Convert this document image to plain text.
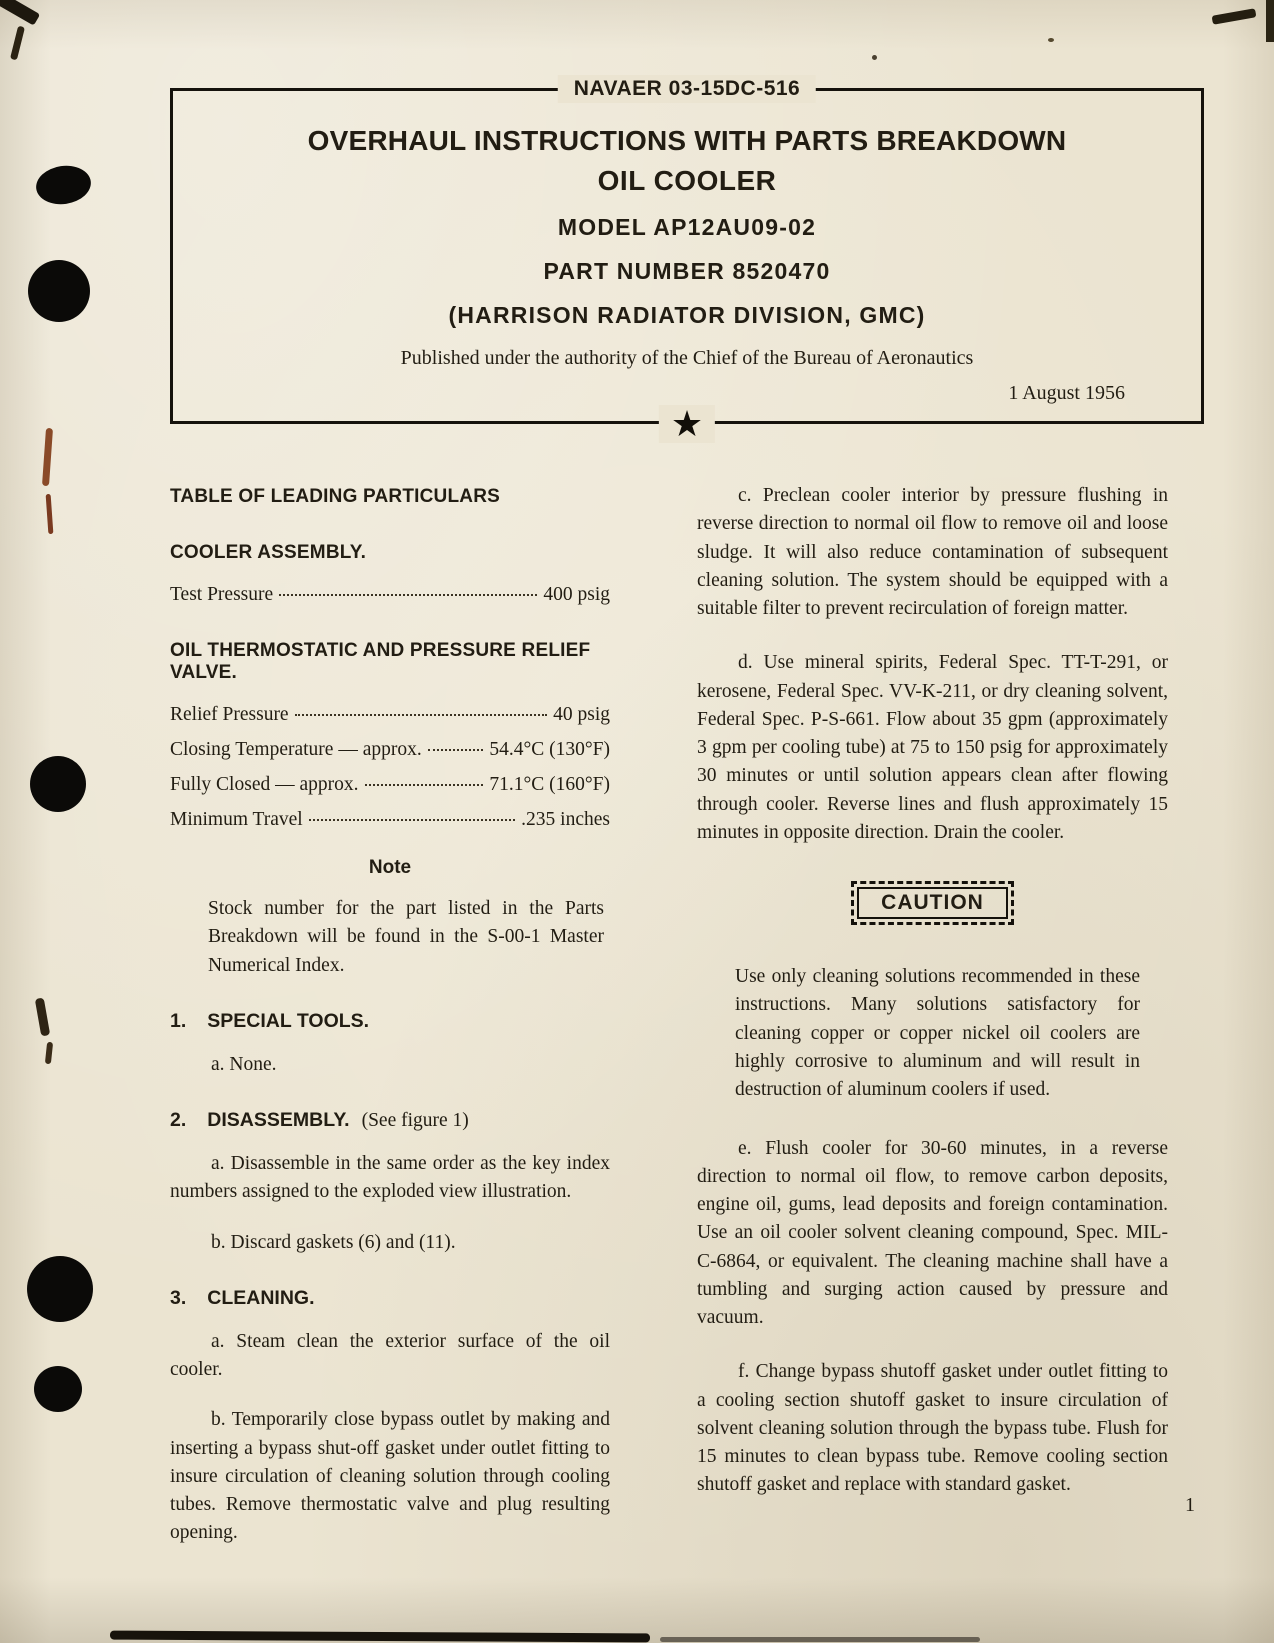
NAVAER 03-15DC-516
OVERHAUL INSTRUCTIONS WITH PARTS BREAKDOWN
OIL COOLER
MODEL AP12AU09-02
PART NUMBER 8520470
(HARRISON RADIATOR DIVISION, GMC)
Published under the authority of the Chief of the Bureau of Aeronautics
1 August 1956
★
TABLE OF LEADING PARTICULARS
COOLER ASSEMBLY.
Test Pressure	400 psig
OIL THERMOSTATIC AND PRESSURE RELIEF VALVE.
Relief Pressure	40 psig
Closing Temperature — approx.	54.4°C (130°F)
Fully Closed — approx.	71.1°C (160°F)
Minimum Travel	.235 inches
Note
Stock number for the part listed in the Parts Breakdown will be found in the S-00-1 Master Numerical Index.
1. SPECIAL TOOLS.
a. None.
2. DISASSEMBLY. (See figure 1)
a. Disassemble in the same order as the key index numbers assigned to the exploded view illustration.
b. Discard gaskets (6) and (11).
3. CLEANING.
a. Steam clean the exterior surface of the oil cooler.
b. Temporarily close bypass outlet by making and inserting a bypass shut-off gasket under outlet fitting to insure circulation of cleaning solution through cooling tubes. Remove thermostatic valve and plug resulting opening.
c. Preclean cooler interior by pressure flushing in reverse direction to normal oil flow to remove oil and loose sludge. It will also reduce contamination of subsequent cleaning solution. The system should be equipped with a suitable filter to prevent recirculation of foreign matter.
d. Use mineral spirits, Federal Spec. TT-T-291, or kerosene, Federal Spec. VV-K-211, or dry cleaning solvent, Federal Spec. P-S-661. Flow about 35 gpm (approximately 3 gpm per cooling tube) at 75 to 150 psig for approximately 30 minutes or until solution appears clean after flowing through cooler. Reverse lines and flush approximately 15 minutes in opposite direction. Drain the cooler.
CAUTION
Use only cleaning solutions recommended in these instructions. Many solutions satisfactory for cleaning copper or copper nickel oil coolers are highly corrosive to aluminum and will result in destruction of aluminum coolers if used.
e. Flush cooler for 30-60 minutes, in a reverse direction to normal oil flow, to remove carbon deposits, engine oil, gums, lead deposits and foreign contamination. Use an oil cooler solvent cleaning compound, Spec. MIL-C-6864, or equivalent. The cleaning machine shall have a tumbling and surging action caused by pressure and vacuum.
f. Change bypass shutoff gasket under outlet fitting to a cooling section shutoff gasket to insure circulation of solvent cleaning solution through the bypass tube. Flush for 15 minutes to clean bypass tube. Remove cooling section shutoff gasket and replace with standard gasket.
1
